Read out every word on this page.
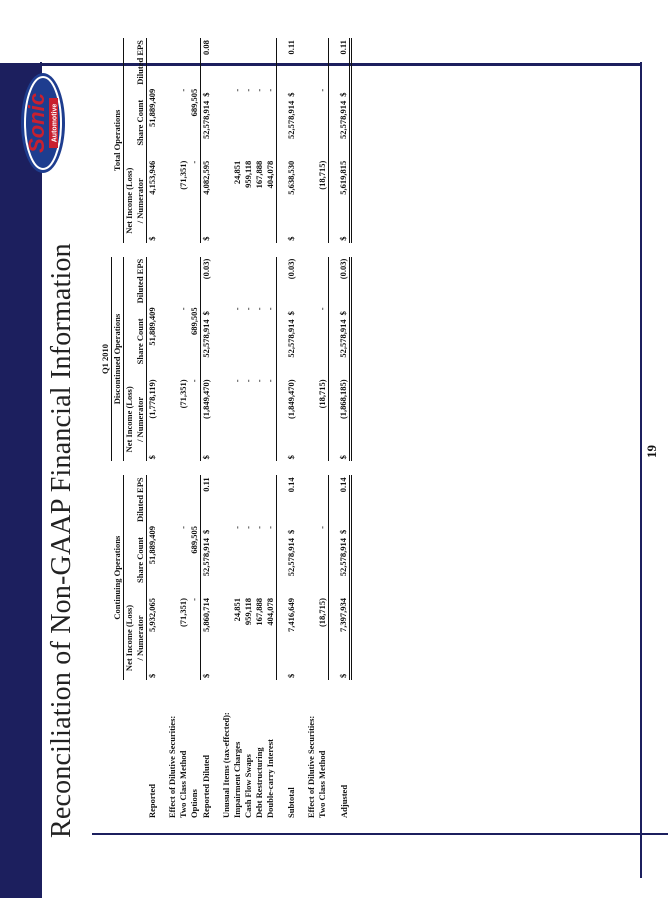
Sonic Automotive
Reconciliation of Non-GAAP Financial Information
								Q1 2010										
		Continuing Operations						Discontinued Operations						Total Operations				
		Net Income (Loss)						Net Income (Loss)						Net Income (Loss)				
		/ Numerator		Share Count		Diluted EPS		/ Numerator		Share Count		Diluted EPS		/ Numerator		Share Count		Diluted EPS
Reported		$	5,932,065	51,889,409				$	(1,778,119)	51,889,409				$	4,153,946	51,889,409		

Effect of Dilutive Securities:																		
Two Class Method			(71,351)	-					(71,351)	-					(71,351)	-		
Options			-	689,505					-	689,505					-	689,505		
Reported Diluted		$	5,860,714	52,578,914	$	0.11		$	(1,849,470)	52,578,914	$	(0.03)		$	4,082,595	52,578,914	$	0.08

Unusual Items (tax-effected):																		
Impairment Charges			24,851	-					-	-					24,851	-		
Cash Flow Swaps			959,118	-					-	-					959,118	-		
Debt Restructuring			167,888	-					-	-					167,888	-		
Double-carry Interest			404,078	-					-	-					404,078	-		

Subtotal		$	7,416,649	52,578,914	$	0.14		$	(1,849,470)	52,578,914	$	(0.03)		$	5,638,530	52,578,914	$	0.11

Effect of Dilutive Securities:																		
Two Class Method			(18,715)	-					(18,715)	-					(18,715)	-		

Adjusted		$	7,397,934	52,578,914	$	0.14		$	(1,868,185)	52,578,914	$	(0.03)		$	5,619,815	52,578,914	$	0.11
19
